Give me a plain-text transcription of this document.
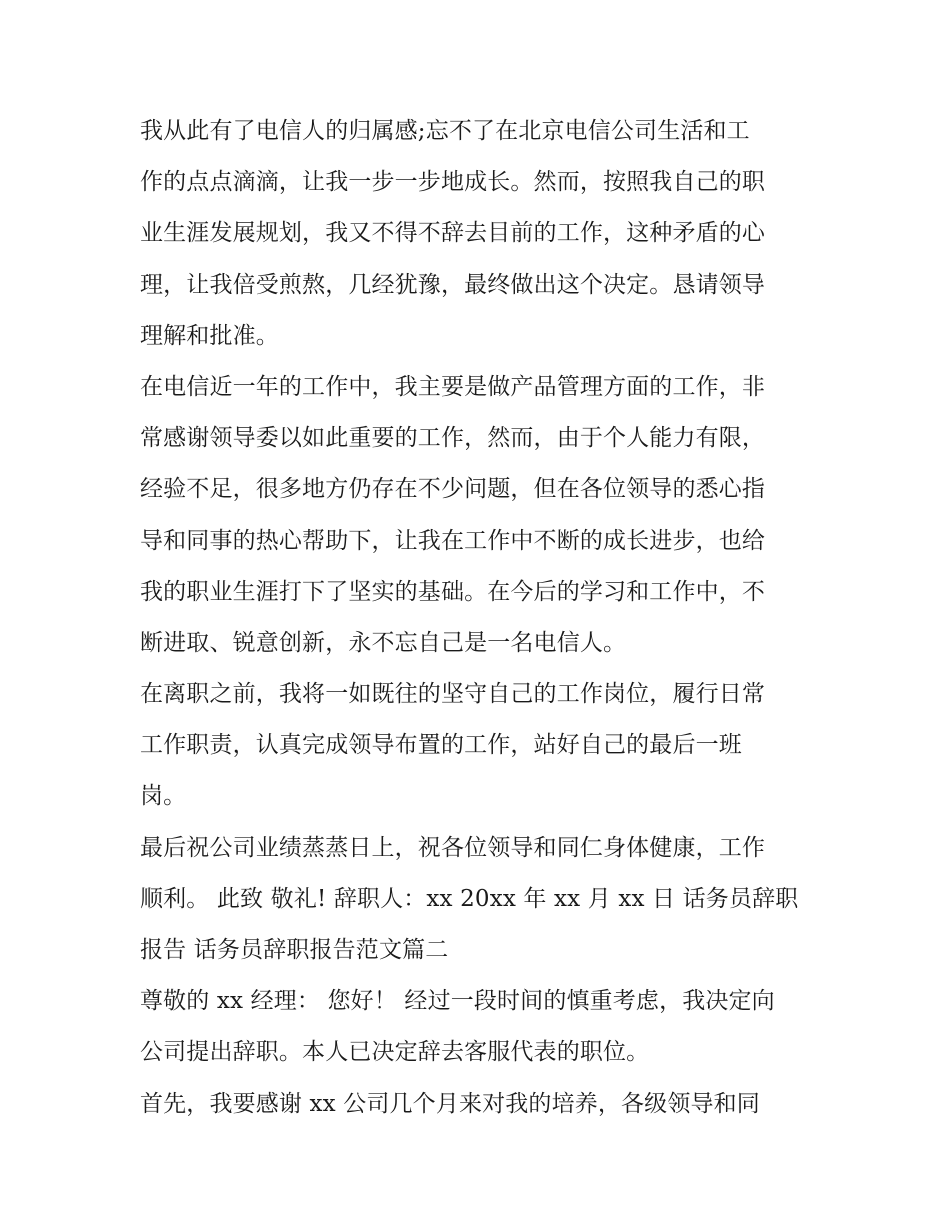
我从此有了电信人的归属感;忘不了在北京电信公司生活和工
作的点点滴滴，让我一步一步地成长。然而，按照我自己的职
业生涯发展规划，我又不得不辞去目前的工作，这种矛盾的心
理，让我倍受煎熬，几经犹豫，最终做出这个决定。恳请领导
理解和批准。
在电信近一年的工作中，我主要是做产品管理方面的工作，非
常感谢领导委以如此重要的工作，然而，由于个人能力有限，
经验不足，很多地方仍存在不少问题，但在各位领导的悉心指
导和同事的热心帮助下，让我在工作中不断的成长进步，也给
我的职业生涯打下了坚实的基础。在今后的学习和工作中，不
断进取、锐意创新，永不忘自己是一名电信人。
在离职之前，我将一如既往的坚守自己的工作岗位，履行日常
工作职责，认真完成领导布置的工作，站好自己的最后一班
岗。
最后祝公司业绩蒸蒸日上，祝各位领导和同仁身体健康，工作
顺利。 此致 敬礼! 辞职人：xx 20xx 年 xx 月 xx 日 话务员辞职
报告 话务员辞职报告范文篇二
尊敬的 xx 经理： 您好！ 经过一段时间的慎重考虑，我决定向
公司提出辞职。本人已决定辞去客服代表的职位。
首先，我要感谢 xx 公司几个月来对我的培养，各级领导和同
